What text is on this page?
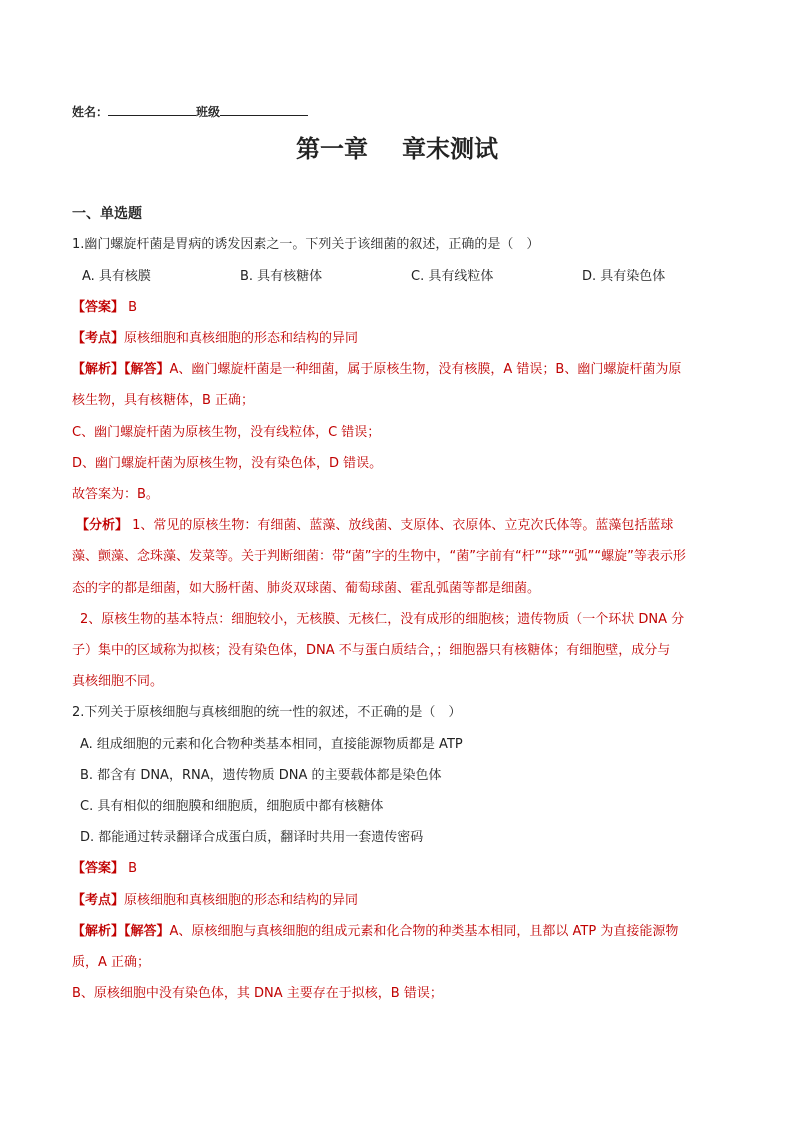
姓名：	班级
第一章 章末测试
一、单选题
1.幽门螺旋杆菌是胃病的诱发因素之一。下列关于该细菌的叙述，正确的是（　）
A. 具有核膜	B. 具有核糖体	C. 具有线粒体	D. 具有染色体
【答案】 B
【考点】原核细胞和真核细胞的形态和结构的异同
【解析】【解答】A、幽门螺旋杆菌是一种细菌，属于原核生物，没有核膜，A 错误；B、幽门螺旋杆菌为原
核生物，具有核糖体，B 正确；
C、幽门螺旋杆菌为原核生物，没有线粒体，C 错误；
D、幽门螺旋杆菌为原核生物，没有染色体，D 错误。
故答案为：B。
【分析】 1、常见的原核生物：有细菌、蓝藻、放线菌、支原体、衣原体、立克次氏体等。蓝藻包括蓝球
藻、颤藻、念珠藻、发菜等。关于判断细菌：带“菌”字的生物中，“菌”字前有“杆”“球”“弧”“螺旋”等表示形
态的字的都是细菌，如大肠杆菌、肺炎双球菌、葡萄球菌、霍乱弧菌等都是细菌。
2、原核生物的基本特点：细胞较小，无核膜、无核仁，没有成形的细胞核；遗传物质（一个环状 DNA 分
子）集中的区域称为拟核；没有染色体，DNA 不与蛋白质结合，；细胞器只有核糖体；有细胞壁，成分与
真核细胞不同。
2.下列关于原核细胞与真核细胞的统一性的叙述，不正确的是（　）
A. 组成细胞的元素和化合物种类基本相同，直接能源物质都是 ATP
B. 都含有 DNA，RNA，遗传物质 DNA 的主要载体都是染色体
C. 具有相似的细胞膜和细胞质，细胞质中都有核糖体
D. 都能通过转录翻译合成蛋白质，翻译时共用一套遗传密码
【答案】 B
【考点】原核细胞和真核细胞的形态和结构的异同
【解析】【解答】A、原核细胞与真核细胞的组成元素和化合物的种类基本相同，且都以 ATP 为直接能源物
质，A 正确；
B、原核细胞中没有染色体，其 DNA 主要存在于拟核，B 错误；
